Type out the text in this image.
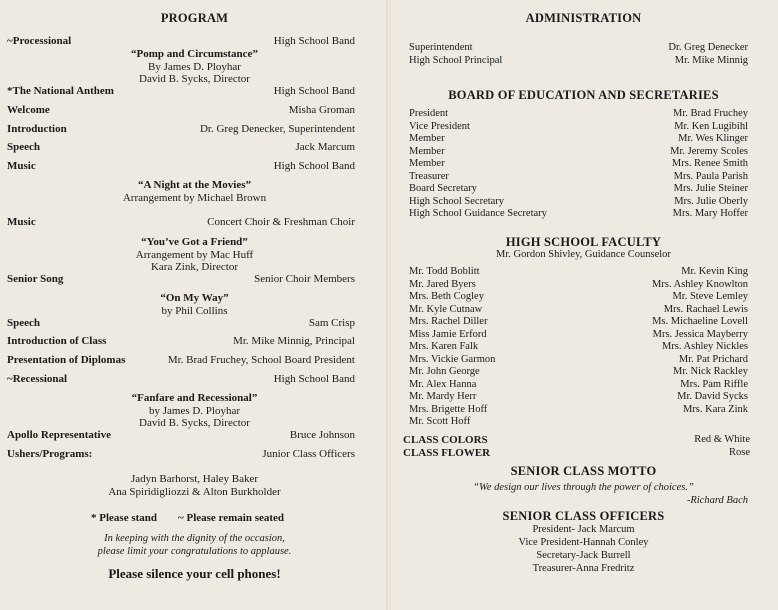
PROGRAM
~Processional	High School Band
“Pomp and Circumstance”
By James D. Ployhar
David B. Sycks, Director
*The National Anthem	High School Band
Welcome	Misha Groman
Introduction	Dr. Greg Denecker, Superintendent
Speech	Jack Marcum
Music	High School Band
“A Night at the Movies”
Arrangement by Michael Brown
Music	Concert Choir & Freshman Choir
“You’ve Got a Friend”
Arrangement by Mac Huff
Kara Zink, Director
Senior Song	Senior Choir Members
“On My Way”
by Phil Collins
Speech	Sam Crisp
Introduction of Class	Mr. Mike Minnig, Principal
Presentation of Diplomas	Mr. Brad Fruchey, School Board President
~Recessional	High School Band
“Fanfare and Recessional”
by James D. Ployhar
David B. Sycks, Director
Apollo Representative	Bruce Johnson
Ushers/Programs:	Junior Class Officers
Jadyn Barhorst, Haley Baker
Ana Spiridigliozzi & Alton Burkholder
* Please stand ~ Please remain seated
In keeping with the dignity of the occasion,
please limit your congratulations to applause.
Please silence your cell phones!
ADMINISTRATION
Superintendent	Dr. Greg Denecker
High School Principal	Mr. Mike Minnig
BOARD OF EDUCATION AND SECRETARIES
President	Mr. Brad Fruchey
Vice President	Mr. Ken Lugibihl
Member	Mr. Wes Klinger
Member	Mr. Jeremy Scoles
Member	Mrs. Renee Smith
Treasurer	Mrs. Paula Parish
Board Secretary	Mrs. Julie Steiner
High School Secretary	Mrs. Julie Oberly
High School Guidance Secretary	Mrs. Mary Hoffer
HIGH SCHOOL FACULTY
Mr. Gordon Shivley, Guidance Counselor
Mr. Todd Boblitt	Mr. Kevin King
Mr. Jared Byers	Mrs. Ashley Knowlton
Mrs. Beth Cogley	Mr. Steve Lemley
Mr. Kyle Cutnaw	Mrs. Rachael Lewis
Mrs. Rachel Diller	Ms. Michaeline Lovell
Miss Jamie Erford	Mrs. Jessica Mayberry
Mrs. Karen Falk	Mrs. Ashley Nickles
Mrs. Vickie Garmon	Mr. Pat Prichard
Mr. John George	Mr. Nick Rackley
Mr. Alex Hanna	Mrs. Pam Riffle
Mr. Mardy Herr	Mr. David Sycks
Mrs. Brigette Hoff	Mrs. Kara Zink
Mr. Scott Hoff
CLASS COLORS	Red & White
CLASS FLOWER	Rose
SENIOR CLASS MOTTO
“We design our lives through the power of choices.”
-Richard Bach
SENIOR CLASS OFFICERS
President- Jack Marcum
Vice President-Hannah Conley
Secretary-Jack Burrell
Treasurer-Anna Fredritz
